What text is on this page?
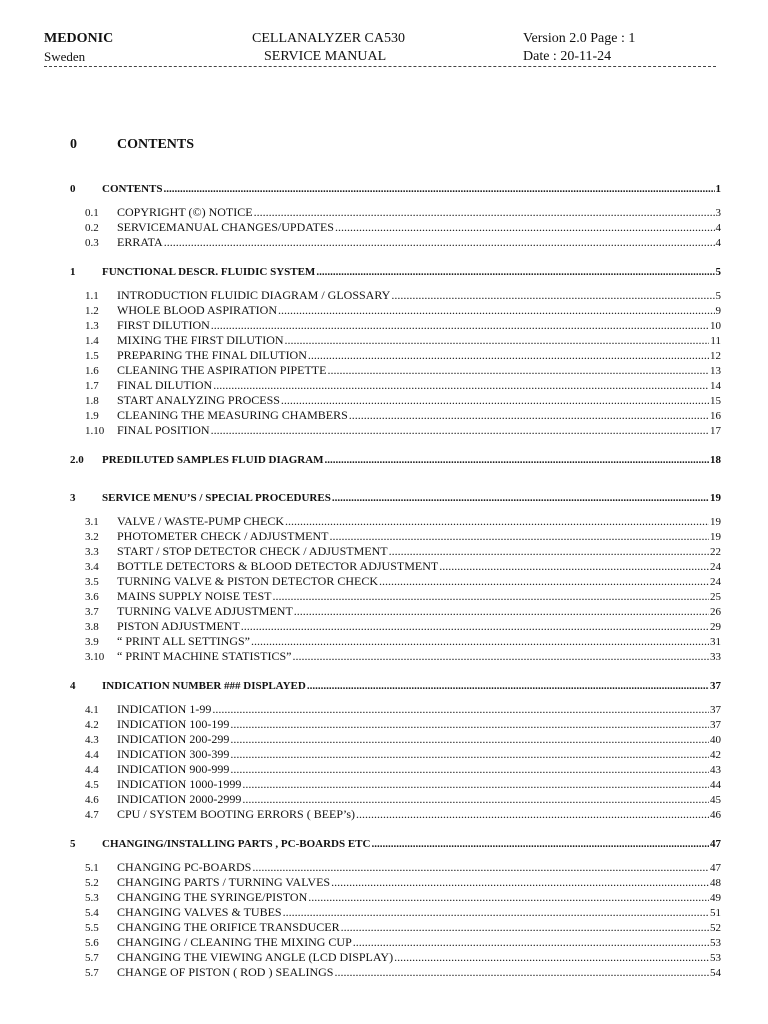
MEDONIC
Sweden
CELLANALYZER CA530
SERVICE MANUAL
Version 2.0 Page : 1
Date : 20-11-24
0	CONTENTS
0	CONTENTS .....	1
0.1	COPYRIGHT (©) NOTICE .....	3
0.2	SERVICEMANUAL CHANGES/UPDATES .....	4
0.3	ERRATA .....	4
1	FUNCTIONAL DESCR. FLUIDIC SYSTEM .....	5
1.1	INTRODUCTION FLUIDIC DIAGRAM / GLOSSARY .....	5
1.2	WHOLE BLOOD ASPIRATION .....	9
1.3	FIRST DILUTION .....	10
1.4	MIXING THE FIRST DILUTION .....	11
1.5	PREPARING THE FINAL DILUTION .....	12
1.6	CLEANING THE ASPIRATION PIPETTE .....	13
1.7	FINAL DILUTION .....	14
1.8	START ANALYZING PROCESS .....	15
1.9	CLEANING THE MEASURING CHAMBERS .....	16
1.10	FINAL POSITION .....	17
2.0	PREDILUTED SAMPLES FLUID DIAGRAM .....	18
3	SERVICE MENU’S / SPECIAL PROCEDURES .....	19
3.1	VALVE / WASTE-PUMP CHECK .....	19
3.2	PHOTOMETER CHECK / ADJUSTMENT .....	19
3.3	START / STOP DETECTOR CHECK / ADJUSTMENT .....	22
3.4	BOTTLE DETECTORS & BLOOD DETECTOR ADJUSTMENT .....	24
3.5	TURNING VALVE & PISTON DETECTOR CHECK .....	24
3.6	MAINS SUPPLY NOISE TEST .....	25
3.7	TURNING VALVE ADJUSTMENT .....	26
3.8	PISTON ADJUSTMENT .....	29
3.9	“ PRINT ALL SETTINGS” .....	31
3.10	“ PRINT MACHINE STATISTICS” .....	33
4	INDICATION NUMBER ### DISPLAYED .....	37
4.1	INDICATION 1-99 .....	37
4.2	INDICATION 100-199 .....	37
4.3	INDICATION 200-299 .....	40
4.4	INDICATION 300-399 .....	42
4.4	INDICATION 900-999 .....	43
4.5	INDICATION 1000-1999 .....	44
4.6	INDICATION 2000-2999 .....	45
4.7	CPU / SYSTEM BOOTING ERRORS ( BEEP’s) .....	46
5	CHANGING/INSTALLING PARTS , PC-BOARDS ETC .....	47
5.1	CHANGING PC-BOARDS .....	47
5.2	CHANGING PARTS / TURNING VALVES .....	48
5.3	CHANGING THE SYRINGE/PISTON .....	49
5.4	CHANGING VALVES & TUBES .....	51
5.5	CHANGING THE ORIFICE TRANSDUCER .....	52
5.6	CHANGING / CLEANING THE MIXING CUP .....	53
5.7	CHANGING THE VIEWING ANGLE (LCD DISPLAY) .....	53
5.7	CHANGE OF PISTON ( ROD ) SEALINGS .....	54
